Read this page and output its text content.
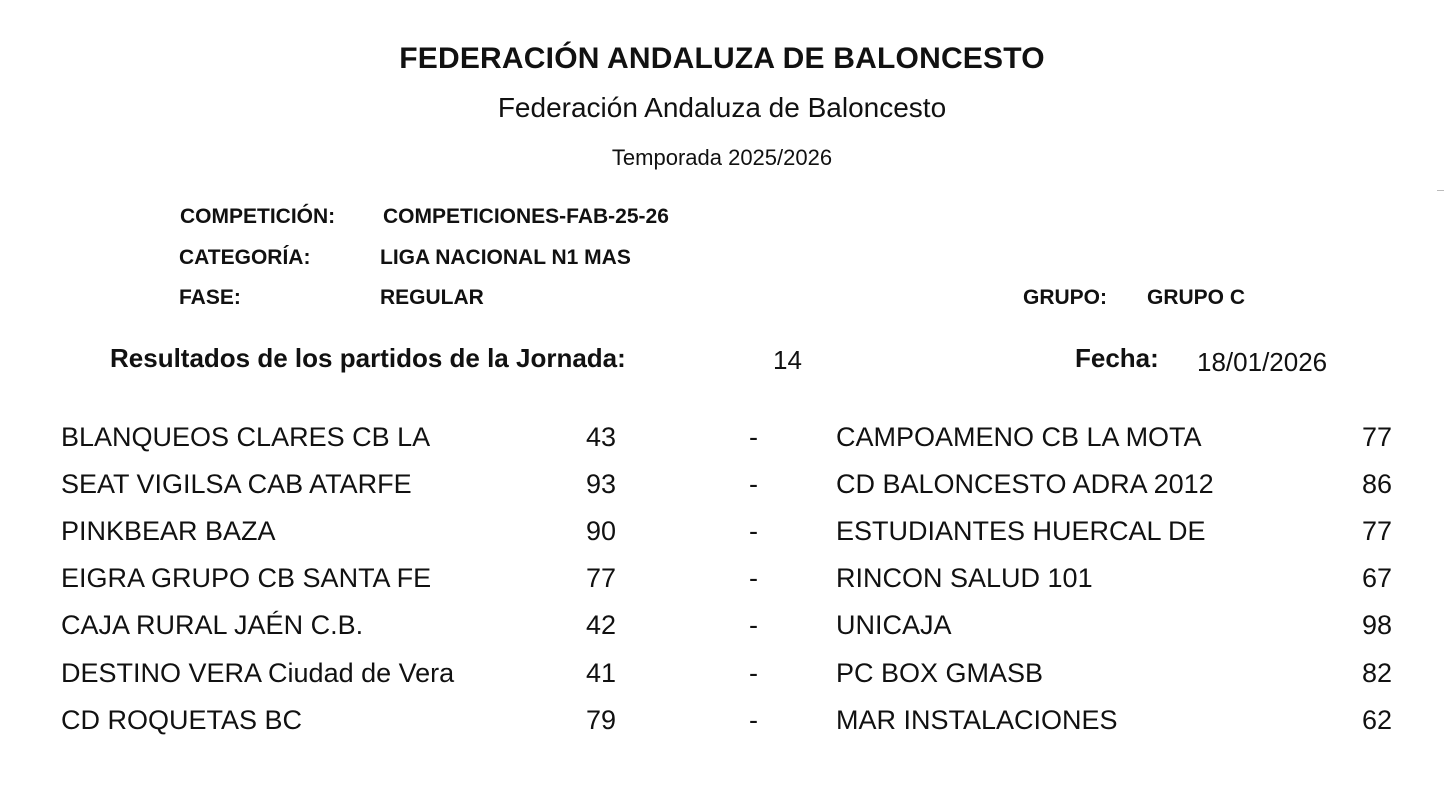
FEDERACIÓN ANDALUZA DE BALONCESTO
Federación Andaluza de Baloncesto
Temporada 2025/2026
COMPETICIÓN: COMPETICIONES-FAB-25-26
CATEGORÍA:	LIGA NACIONAL N1 MAS
FASE:	REGULAR	GRUPO: GRUPO C
Resultados de los partidos de la Jornada:	14	Fecha: 18/01/2026
BLANQUEOS CLARES CB LA	43	-	CAMPOAMENO CB LA MOTA	77
SEAT VIGILSA CAB ATARFE	93	-	CD BALONCESTO ADRA 2012	86
PINKBEAR BAZA	90	-	ESTUDIANTES HUERCAL DE	77
EIGRA GRUPO CB SANTA FE	77	-	RINCON SALUD 101	67
CAJA RURAL JAÉN C.B.	42	-	UNICAJA	98
DESTINO VERA Ciudad de Vera	41	-	PC BOX GMASB	82
CD ROQUETAS BC	79	-	MAR INSTALACIONES	62
